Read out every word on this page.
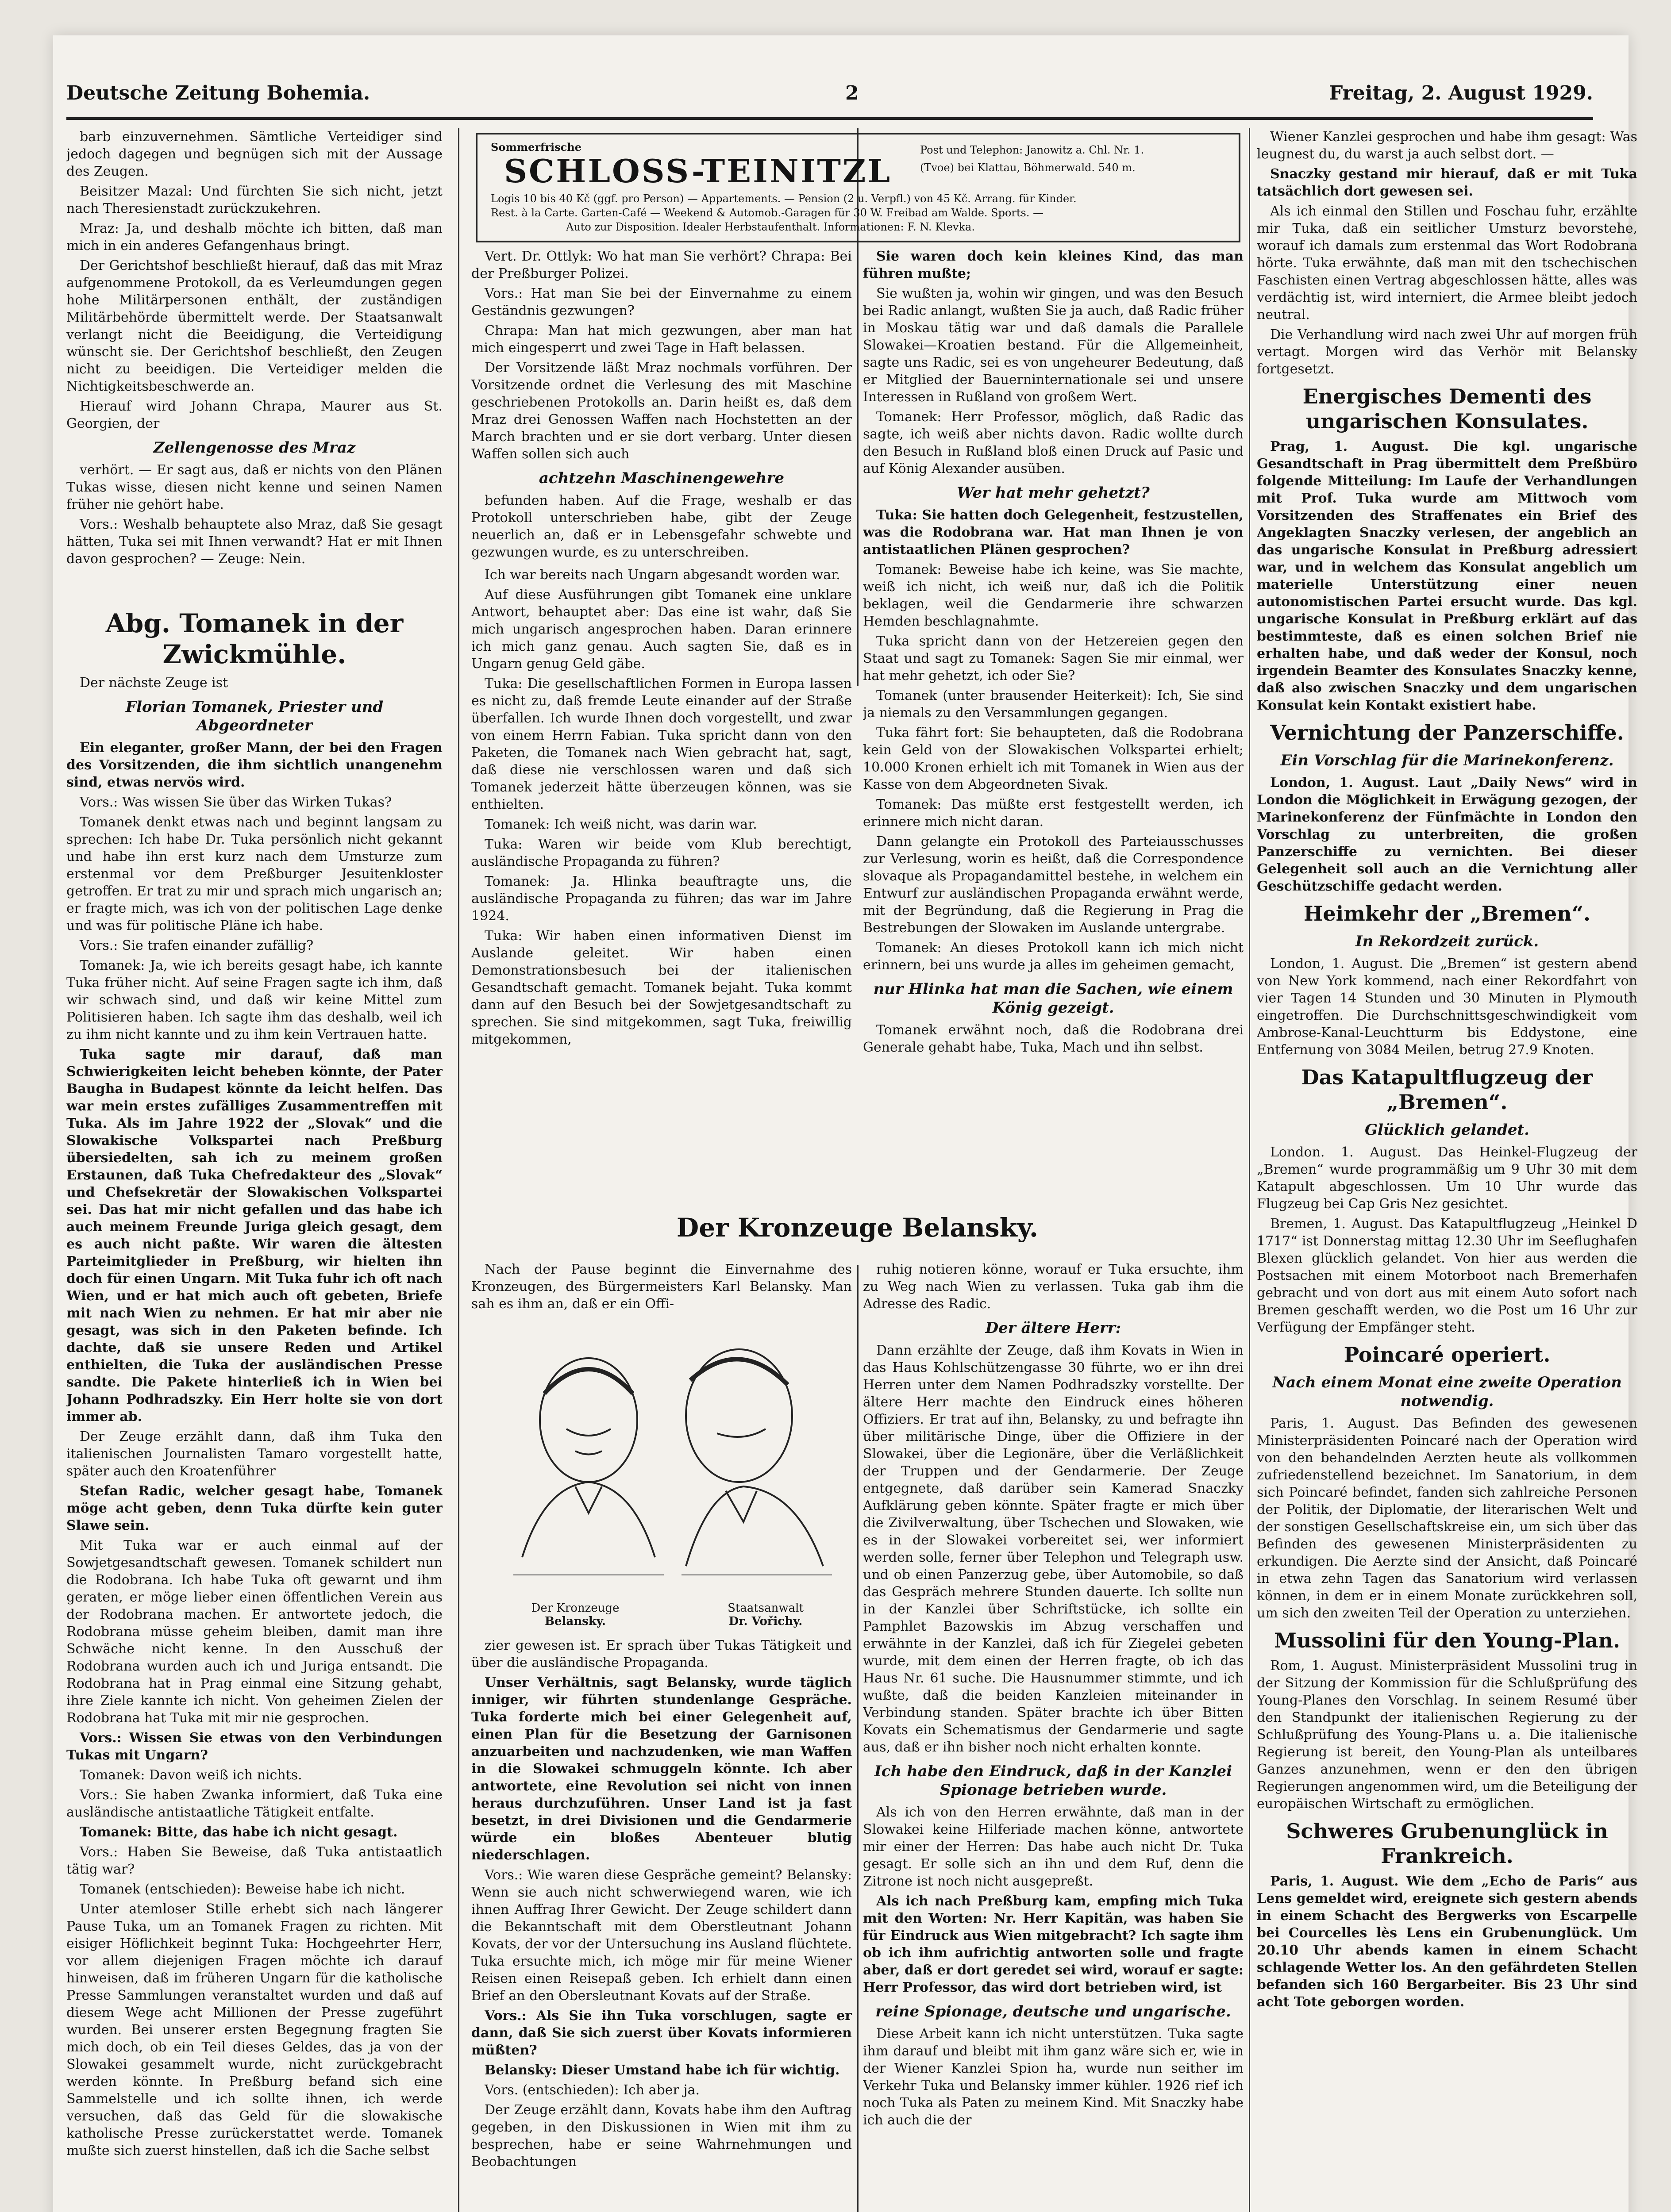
Deutsche Zeitung Bohemia.	2	Freitag, 2. August 1929.

barb einzuvernehmen. Sämtliche Verteidiger sind jedoch dagegen und begnügen sich mit der Aussage des Zeugen.

Beisitzer Mazal: Und fürchten Sie sich nicht, jetzt nach Theresienstadt zurückzukehren.

Mraz: Ja, und deshalb möchte ich bitten, daß man mich in ein anderes Gefangenhaus bringt.

Der Gerichtshof beschließt hierauf, daß das mit Mraz aufgenommene Protokoll, da es Verleumdungen gegen hohe Militärpersonen enthält, der zuständigen Militärbehörde übermittelt werde. Der Staatsanwalt verlangt nicht die Beeidigung, die Verteidigung wünscht sie. Der Gerichtshof beschließt, den Zeugen nicht zu beeidigen. Die Verteidiger melden die Nichtigkeitsbeschwerde an.

Hierauf wird Johann Chrapa, Maurer aus St. Georgien, der

Zellengenosse des Mraz

verhört. — Er sagt aus, daß er nichts von den Plänen Tukas wisse, diesen nicht kenne und seinen Namen früher nie gehört habe.

Vors.: Weshalb behauptete also Mraz, daß Sie gesagt hätten, Tuka sei mit Ihnen verwandt? Hat er mit Ihnen davon gesprochen? — Zeuge: Nein.

Sommerfrische
SCHLOSS-TEINITZL
Post und Telephon: Janowitz a. Chl. Nr. 1.
(Tvoe) bei Klattau, Böhmerwald. 540 m.
Logis 10 bis 40 Kč (ggf. pro Person) — Appartements. — Pension (2 u. Verpfl.) von 45 Kč. Arrang. für Kinder.
Rest. à la Carte. Garten-Café — Weekend & Automob.-Garagen für 30 W. Freibad am Walde. Sports. —
Auto zur Disposition. Idealer Herbstaufenthalt. Informationen: F. N. Klevka.

Vert. Dr. Ottlyk: Wo hat man Sie verhört? Chrapa: Bei der Preßburger Polizei.

Vors.: Hat man Sie bei der Einvernahme zu einem Geständnis gezwungen?

Chrapa: Man hat mich gezwungen, aber man hat mich eingesperrt und zwei Tage in Haft belassen.

Der Vorsitzende läßt Mraz nochmals vorführen. Der Vorsitzende ordnet die Verlesung des mit Maschine geschriebenen Protokolls an. Darin heißt es, daß dem Mraz drei Genossen Waffen nach Hochstetten an der March brachten und er sie dort verbarg. Unter diesen Waffen sollen sich auch

achtzehn Maschinengewehre

befunden haben. Auf die Frage, weshalb er das Protokoll unterschrieben habe, gibt der Zeuge neuerlich an, daß er in Lebensgefahr schwebte und gezwungen wurde, es zu unterschreiben.

Sie waren doch kein kleines Kind, das man führen mußte;

Sie wußten ja, wohin wir gingen, und was den Besuch bei Radic anlangt, wußten Sie ja auch, daß Radic früher in Moskau tätig war und daß damals die Parallele Slowakei—Kroatien bestand. Für die Allgemeinheit, sagte uns Radic, sei es von ungeheurer Bedeutung, daß er Mitglied der Bauerninternationale sei und unsere Interessen in Rußland von großem Wert.

Tomanek: Herr Professor, möglich, daß Radic das sagte, ich weiß aber nichts davon. Radic wollte durch den Besuch in Rußland bloß einen Druck auf Pasic und auf König Alexander ausüben.

Wer hat mehr gehetzt?

Tuka: Sie hatten doch Gelegenheit, festzustellen, was die Rodobrana war. Hat man Ihnen je von antistaatlichen Plänen gesprochen?

Tomanek: Beweise habe ich keine, was Sie machte, weiß ich nicht, ich weiß nur, daß ich die Politik beklagen, weil die Gendarmerie ihre schwarzen Hemden beschlagnahmte.

Tuka spricht dann von der Hetzereien gegen den Staat und sagt zu Tomanek: Sagen Sie mir einmal, wer hat mehr gehetzt, ich oder Sie?

Tomanek (unter brausender Heiterkeit): Ich, Sie sind ja niemals zu den Versammlungen gegangen.

Tuka fährt fort: Sie behaupteten, daß die Rodobrana kein Geld von der Slowakischen Volkspartei erhielt; 10.000 Kronen erhielt ich mit Tomanek in Wien aus der Kasse von dem Abgeordneten Sivak.

Tomanek: Das müßte erst festgestellt werden, ich erinnere mich nicht daran.

Dann gelangte ein Protokoll des Parteiausschusses zur Verlesung, worin es heißt, daß die Correspondence slovaque als Propagandamittel bestehe, in welchem ein Entwurf zur ausländischen Propaganda erwähnt werde, mit der Begründung, daß die Regierung in Prag die Bestrebungen der Slowaken im Auslande untergrabe.

Tomanek: An dieses Protokoll kann ich mich nicht erinnern, bei uns wurde ja alles im geheimen gemacht,

nur Hlinka hat man die Sachen, wie einem König gezeigt.

Tomanek erwähnt noch, daß die Rodobrana drei Generale gehabt habe, Tuka, Mach und ihn selbst.

Abg. Tomanek in der Zwickmühle.

Der nächste Zeuge ist

Florian Tomanek, Priester und Abgeordneter

Ein eleganter, großer Mann, der bei den Fragen des Vorsitzenden, die ihm sichtlich unangenehm sind, etwas nervös wird.

Vors.: Was wissen Sie über das Wirken Tukas?

Tomanek denkt etwas nach und beginnt langsam zu sprechen: Ich habe Dr. Tuka persönlich nicht gekannt und habe ihn erst kurz nach dem Umsturze zum erstenmal vor dem Preßburger Jesuitenkloster getroffen. Er trat zu mir und sprach mich ungarisch an; er fragte mich, was ich von der politischen Lage denke und was für politische Pläne ich habe.

Vors.: Sie trafen einander zufällig?

Tomanek: Ja, wie ich bereits gesagt habe, ich kannte Tuka früher nicht. Auf seine Fragen sagte ich ihm, daß wir schwach sind, und daß wir keine Mittel zum Politisieren haben. Ich sagte ihm das deshalb, weil ich zu ihm nicht kannte und zu ihm kein Vertrauen hatte.

Tuka sagte mir darauf, daß man Schwierigkeiten leicht beheben könnte, der Pater Baugha in Budapest könnte da leicht helfen. Das war mein erstes zufälliges Zusammentreffen mit Tuka. Als im Jahre 1922 der „Slovak“ und die Slowakische Volkspartei nach Preßburg übersiedelten, sah ich zu meinem großen Erstaunen, daß Tuka Chefredakteur des „Slovak“ und Chefsekretär der Slowakischen Volkspartei sei. Das hat mir nicht gefallen und das habe ich auch meinem Freunde Juriga gleich gesagt, dem es auch nicht paßte. Wir waren die ältesten Parteimitglieder in Preßburg, wir hielten ihn doch für einen Ungarn. Mit Tuka fuhr ich oft nach Wien, und er hat mich auch oft gebeten, Briefe mit nach Wien zu nehmen. Er hat mir aber nie gesagt, was sich in den Paketen befinde. Ich dachte, daß sie unsere Reden und Artikel enthielten, die Tuka der ausländischen Presse sandte. Die Pakete hinterließ ich in Wien bei Johann Podhradszky. Ein Herr holte sie von dort immer ab.

Der Zeuge erzählt dann, daß ihm Tuka den italienischen Journalisten Tamaro vorgestellt hatte, später auch den Kroatenführer

Stefan Radic, welcher gesagt habe, Tomanek möge acht geben, denn Tuka dürfte kein guter Slawe sein.

Mit Tuka war er auch einmal auf der Sowjetgesandtschaft gewesen. Tomanek schildert nun die Rodobrana. Ich habe Tuka oft gewarnt und ihm geraten, er möge lieber einen öffentlichen Verein aus der Rodobrana machen. Er antwortete jedoch, die Rodobrana müsse geheim bleiben, damit man ihre Schwäche nicht kenne. In den Ausschuß der Rodobrana wurden auch ich und Juriga entsandt. Die Rodobrana hat in Prag einmal eine Sitzung gehabt, ihre Ziele kannte ich nicht. Von geheimen Zielen der Rodobrana hat Tuka mit mir nie gesprochen.

Vors.: Wissen Sie etwas von den Verbindungen Tukas mit Ungarn?

Tomanek: Davon weiß ich nichts.

Vors.: Sie haben Zwanka informiert, daß Tuka eine ausländische antistaatliche Tätigkeit entfalte.

Tomanek: Bitte, das habe ich nicht gesagt.

Vors.: Haben Sie Beweise, daß Tuka antistaatlich tätig war?

Tomanek (entschieden): Beweise habe ich nicht.

Unter atemloser Stille erhebt sich nach längerer Pause Tuka, um an Tomanek Fragen zu richten. Mit eisiger Höflichkeit beginnt Tuka: Hochgeehrter Herr, vor allem diejenigen Fragen möchte ich darauf hinweisen, daß im früheren Ungarn für die katholische Presse Sammlungen veranstaltet wurden und daß auf diesem Wege acht Millionen der Presse zugeführt wurden. Bei unserer ersten Begegnung fragten Sie mich doch, ob ein Teil dieses Geldes, das ja von der Slowakei gesammelt wurde, nicht zurückgebracht werden könnte. In Preßburg befand sich eine Sammelstelle und ich sollte ihnen, ich werde versuchen, daß das Geld für die slowakische katholische Presse zurückerstattet werde. Tomanek mußte sich zuerst hinstellen, daß ich die Sache selbst

Ich war bereits nach Ungarn abgesandt worden war.

Auf diese Ausführungen gibt Tomanek eine unklare Antwort, behauptet aber: Das eine ist wahr, daß Sie mich ungarisch angesprochen haben. Daran erinnere ich mich ganz genau. Auch sagten Sie, daß es in Ungarn genug Geld gäbe.

Tuka: Die gesellschaftlichen Formen in Europa lassen es nicht zu, daß fremde Leute einander auf der Straße überfallen. Ich wurde Ihnen doch vorgestellt, und zwar von einem Herrn Fabian. Tuka spricht dann von den Paketen, die Tomanek nach Wien gebracht hat, sagt, daß diese nie verschlossen waren und daß sich Tomanek jederzeit hätte überzeugen können, was sie enthielten.

Tomanek: Ich weiß nicht, was darin war.

Tuka: Waren wir beide vom Klub berechtigt, ausländische Propaganda zu führen?

Tomanek: Ja. Hlinka beauftragte uns, die ausländische Propaganda zu führen; das war im Jahre 1924.

Tuka: Wir haben einen informativen Dienst im Auslande geleitet. Wir haben einen Demonstrationsbesuch bei der italienischen Gesandtschaft gemacht. Tomanek bejaht. Tuka kommt dann auf den Besuch bei der Sowjetgesandtschaft zu sprechen. Sie sind mitgekommen, sagt Tuka, freiwillig mitgekommen,

Der Kronzeuge Belansky.

Nach der Pause beginnt die Einvernahme des Kronzeugen, des Bürgermeisters Karl Belansky. Man sah es ihm an, daß er ein Offi-

Der Kronzeuge
Belansky.
Staatsanwalt
Dr. Vořichy.

zier gewesen ist. Er sprach über Tukas Tätigkeit und über die ausländische Propaganda.

Unser Verhältnis, sagt Belansky, wurde täglich inniger, wir führten stundenlange Gespräche. Tuka forderte mich bei einer Gelegenheit auf, einen Plan für die Besetzung der Garnisonen anzuarbeiten und nachzudenken, wie man Waffen in die Slowakei schmuggeln könnte. Ich aber antwortete, eine Revolution sei nicht von innen heraus durchzuführen. Unser Land ist ja fast besetzt, in drei Divisionen und die Gendarmerie würde ein bloßes Abenteuer blutig niederschlagen.

Vors.: Wie waren diese Gespräche gemeint? Belansky: Wenn sie auch nicht schwerwiegend waren, wie ich ihnen Auffrag Ihrer Gewicht. Der Zeuge schildert dann die Bekanntschaft mit dem Oberstleutnant Johann Kovats, der vor der Untersuchung ins Ausland flüchtete. Tuka ersuchte mich, ich möge mir für meine Wiener Reisen einen Reisepaß geben. Ich erhielt dann einen Brief an den Obersleutnant Kovats auf der Straße.

Vors.: Als Sie ihn Tuka vorschlugen, sagte er dann, daß Sie sich zuerst über Kovats informieren müßten?

Belansky: Dieser Umstand habe ich für wichtig.

Vors. (entschieden): Ich aber ja.

Der Zeuge erzählt dann, Kovats habe ihm den Auftrag gegeben, in den Diskussionen in Wien mit ihm zu besprechen, habe er seine Wahrnehmungen und Beobachtungen

ruhig notieren könne, worauf er Tuka ersuchte, ihm zu Weg nach Wien zu verlassen. Tuka gab ihm die Adresse des Radic.

Der ältere Herr:

Dann erzählte der Zeuge, daß ihm Kovats in Wien in das Haus Kohlschützengasse 30 führte, wo er ihn drei Herren unter dem Namen Podhradszky vorstellte. Der ältere Herr machte den Eindruck eines höheren Offiziers. Er trat auf ihn, Belansky, zu und befragte ihn über militärische Dinge, über die Offiziere in der Slowakei, über die Legionäre, über die Verläßlichkeit der Truppen und der Gendarmerie. Der Zeuge entgegnete, daß darüber sein Kamerad Snaczky Aufklärung geben könnte. Später fragte er mich über die Zivilverwaltung, über Tschechen und Slowaken, wie es in der Slowakei vorbereitet sei, wer informiert werden solle, ferner über Telephon und Telegraph usw. und ob einen Panzerzug gebe, über Automobile, so daß das Gespräch mehrere Stunden dauerte. Ich sollte nun in der Kanzlei über Schriftstücke, ich sollte ein Pamphlet Bazowskis im Abzug verschaffen und erwähnte in der Kanzlei, daß ich für Ziegelei gebeten wurde, mit dem einen der Herren fragte, ob ich das Haus Nr. 61 suche. Die Hausnummer stimmte, und ich wußte, daß die beiden Kanzleien miteinander in Verbindung standen. Später brachte ich über Bitten Kovats ein Schematismus der Gendarmerie und sagte aus, daß er ihn bisher noch nicht erhalten konnte.

Ich habe den Eindruck, daß in der Kanzlei Spionage betrieben wurde.

Als ich von den Herren erwähnte, daß man in der Slowakei keine Hilferiade machen könne, antwortete mir einer der Herren: Das habe auch nicht Dr. Tuka gesagt. Er solle sich an ihn und dem Ruf, denn die Zitrone ist noch nicht ausgepreßt.

Als ich nach Preßburg kam, empfing mich Tuka mit den Worten: Nr. Herr Kapitän, was haben Sie für Eindruck aus Wien mitgebracht? Ich sagte ihm ob ich ihm aufrichtig antworten solle und fragte aber, daß er dort geredet sei wird, worauf er sagte: Herr Professor, das wird dort betrieben wird, ist

reine Spionage, deutsche und ungarische.

Diese Arbeit kann ich nicht unterstützen. Tuka sagte ihm darauf und bleibt mit ihm ganz wäre sich er, wie in der Wiener Kanzlei Spion ha, wurde nun seither im Verkehr Tuka und Belansky immer kühler. 1926 rief ich noch Tuka als Paten zu meinem Kind. Mit Snaczky habe ich auch die der

Wiener Kanzlei gesprochen und habe ihm gesagt: Was leugnest du, du warst ja auch selbst dort. —

Snaczky gestand mir hierauf, daß er mit Tuka tatsächlich dort gewesen sei.

Als ich einmal den Stillen und Foschau fuhr, erzählte mir Tuka, daß ein seitlicher Umsturz bevorstehe, worauf ich damals zum erstenmal das Wort Rodobrana hörte. Tuka erwähnte, daß man mit den tschechischen Faschisten einen Vertrag abgeschlossen hätte, alles was verdächtig ist, wird interniert, die Armee bleibt jedoch neutral.

Die Verhandlung wird nach zwei Uhr auf morgen früh vertagt. Morgen wird das Verhör mit Belansky fortgesetzt.

Energisches Dementi des ungarischen Konsulates.

Prag, 1. August. Die kgl. ungarische Gesandtschaft in Prag übermittelt dem Preßbüro folgende Mitteilung: Im Laufe der Verhandlungen mit Prof. Tuka wurde am Mittwoch vom Vorsitzenden des Straffenates ein Brief des Angeklagten Snaczky verlesen, der angeblich an das ungarische Konsulat in Preßburg adressiert war, und in welchem das Konsulat angeblich um materielle Unterstützung einer neuen autonomistischen Partei ersucht wurde. Das kgl. ungarische Konsulat in Preßburg erklärt auf das bestimmteste, daß es einen solchen Brief nie erhalten habe, und daß weder der Konsul, noch irgendein Beamter des Konsulates Snaczky kenne, daß also zwischen Snaczky und dem ungarischen Konsulat kein Kontakt existiert habe.

Vernichtung der Panzerschiffe.
Ein Vorschlag für die Marinekonferenz.

London, 1. August. Laut „Daily News“ wird in London die Möglichkeit in Erwägung gezogen, der Marinekonferenz der Fünfmächte in London den Vorschlag zu unterbreiten, die großen Panzerschiffe zu vernichten. Bei dieser Gelegenheit soll auch an die Vernichtung aller Geschützschiffe gedacht werden.

Heimkehr der „Bremen“.
In Rekordzeit zurück.

London, 1. August. Die „Bremen“ ist gestern abend von New York kommend, nach einer Rekordfahrt von vier Tagen 14 Stunden und 30 Minuten in Plymouth eingetroffen. Die Durchschnittsgeschwindigkeit vom Ambrose-Kanal-Leuchtturm bis Eddystone, eine Entfernung von 3084 Meilen, betrug 27.9 Knoten.

Das Katapultflugzeug der „Bremen“.
Glücklich gelandet.

London. 1. August. Das Heinkel-Flugzeug der „Bremen“ wurde programmäßig um 9 Uhr 30 mit dem Katapult abgeschlossen. Um 10 Uhr wurde das Flugzeug bei Cap Gris Nez gesichtet.

Bremen, 1. August. Das Katapultflugzeug „Heinkel D 1717“ ist Donnerstag mittag 12.30 Uhr im Seeflughafen Blexen glücklich gelandet. Von hier aus werden die Postsachen mit einem Motorboot nach Bremerhafen gebracht und von dort aus mit einem Auto sofort nach Bremen geschafft werden, wo die Post um 16 Uhr zur Verfügung der Empfänger steht.

Poincaré operiert.
Nach einem Monat eine zweite Operation notwendig.

Paris, 1. August. Das Befinden des gewesenen Ministerpräsidenten Poincaré nach der Operation wird von den behandelnden Aerzten heute als vollkommen zufriedenstellend bezeichnet. Im Sanatorium, in dem sich Poincaré befindet, fanden sich zahlreiche Personen der Politik, der Diplomatie, der literarischen Welt und der sonstigen Gesellschaftskreise ein, um sich über das Befinden des gewesenen Ministerpräsidenten zu erkundigen. Die Aerzte sind der Ansicht, daß Poincaré in etwa zehn Tagen das Sanatorium wird verlassen können, in dem er in einem Monate zurückkehren soll, um sich den zweiten Teil der Operation zu unterziehen.

Mussolini für den Young-Plan.

Rom, 1. August. Ministerpräsident Mussolini trug in der Sitzung der Kommission für die Schlußprüfung des Young-Planes den Vorschlag. In seinem Resumé über den Standpunkt der italienischen Regierung zu der Schlußprüfung des Young-Plans u. a. Die italienische Regierung ist bereit, den Young-Plan als unteilbares Ganzes anzunehmen, wenn er den den übrigen Regierungen angenommen wird, um die Beteiligung der europäischen Wirtschaft zu ermöglichen.

Schweres Grubenunglück in Frankreich.

Paris, 1. August. Wie dem „Echo de Paris“ aus Lens gemeldet wird, ereignete sich gestern abends in einem Schacht des Bergwerks von Escarpelle bei Courcelles lès Lens ein Grubenunglück. Um 20.10 Uhr abends kamen in einem Schacht schlagende Wetter los. An den gefährdeten Stellen befanden sich 160 Bergarbeiter. Bis 23 Uhr sind acht Tote geborgen worden.
